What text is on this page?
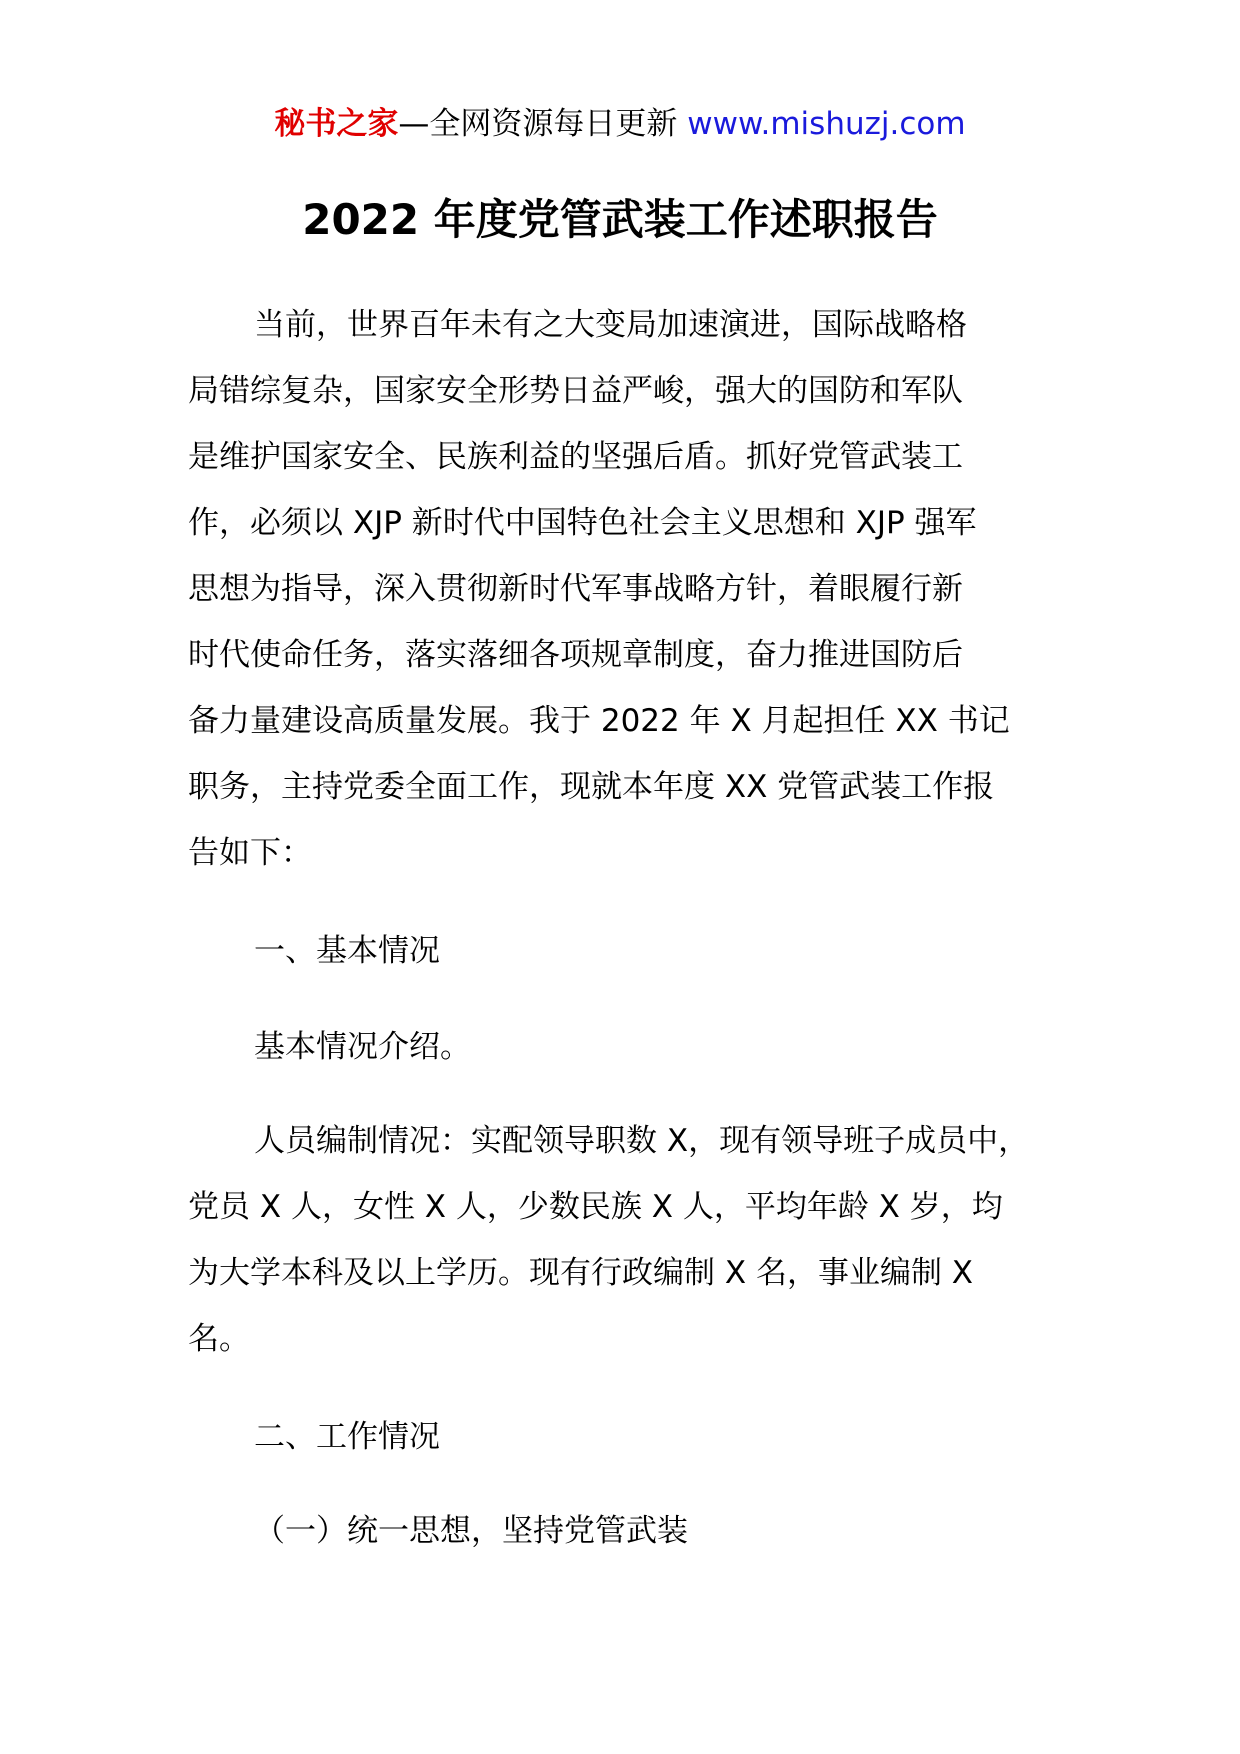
秘书之家—全网资源每日更新 www.mishuzj.com
2022 年度党管武装工作述职报告

当前，世界百年未有之大变局加速演进，国际战略格
局错综复杂，国家安全形势日益严峻，强大的国防和军队
是维护国家安全、民族利益的坚强后盾。抓好党管武装工
作，必须以 XJP 新时代中国特色社会主义思想和 XJP 强军
思想为指导，深入贯彻新时代军事战略方针，着眼履行新
时代使命任务，落实落细各项规章制度，奋力推进国防后
备力量建设高质量发展。我于 2022 年 X 月起担任 XX 书记
职务，主持党委全面工作，现就本年度 XX 党管武装工作报
告如下：

一、基本情况
基本情况介绍。

人员编制情况：实配领导职数 X，现有领导班子成员中，
党员 X 人，女性 X 人，少数民族 X 人，平均年龄 X 岁，均
为大学本科及以上学历。现有行政编制 X 名，事业编制 X
名。

二、工作情况
（一）统一思想，坚持党管武装
